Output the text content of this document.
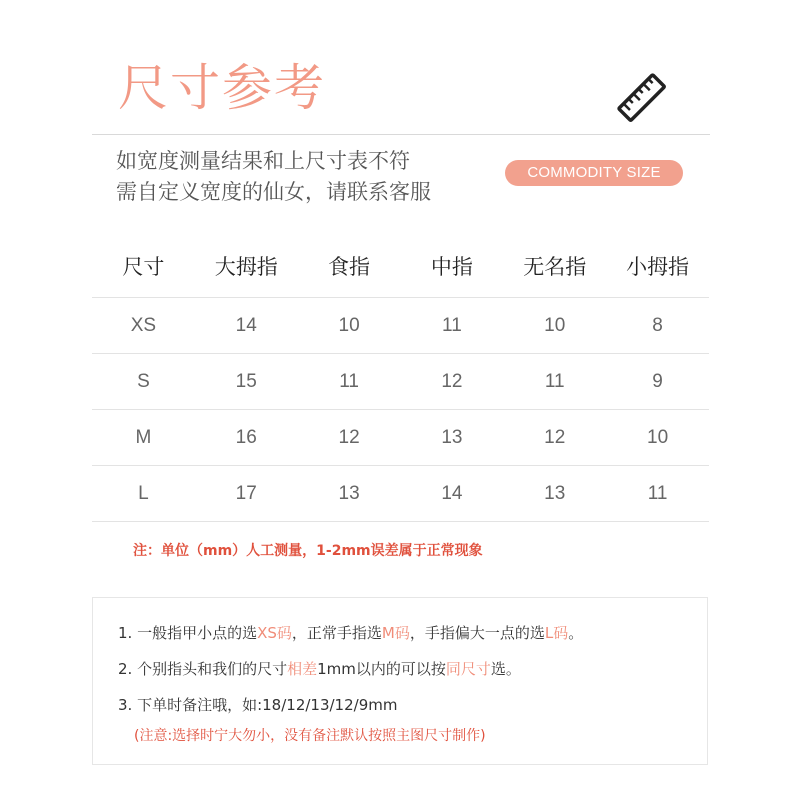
尺寸参考
如宽度测量结果和上尺寸表不符
需自定义宽度的仙女，请联系客服
COMMODITY SIZE
尺寸	大拇指	食指	中指	无名指	小拇指
XS	14	10	11	10	8
S	15	11	12	11	9
M	16	12	13	12	10
L	17	13	14	13	11
注：单位（mm）人工测量，1-2mm误差属于正常现象
1. 一般指甲小点的选XS码，正常手指选M码，手指偏大一点的选L码。
2. 个别指头和我们的尺寸相差1mm以内的可以按同尺寸选。
3. 下单时备注哦，如:18/12/13/12/9mm
(注意:选择时宁大勿小，没有备注默认按照主图尺寸制作)
